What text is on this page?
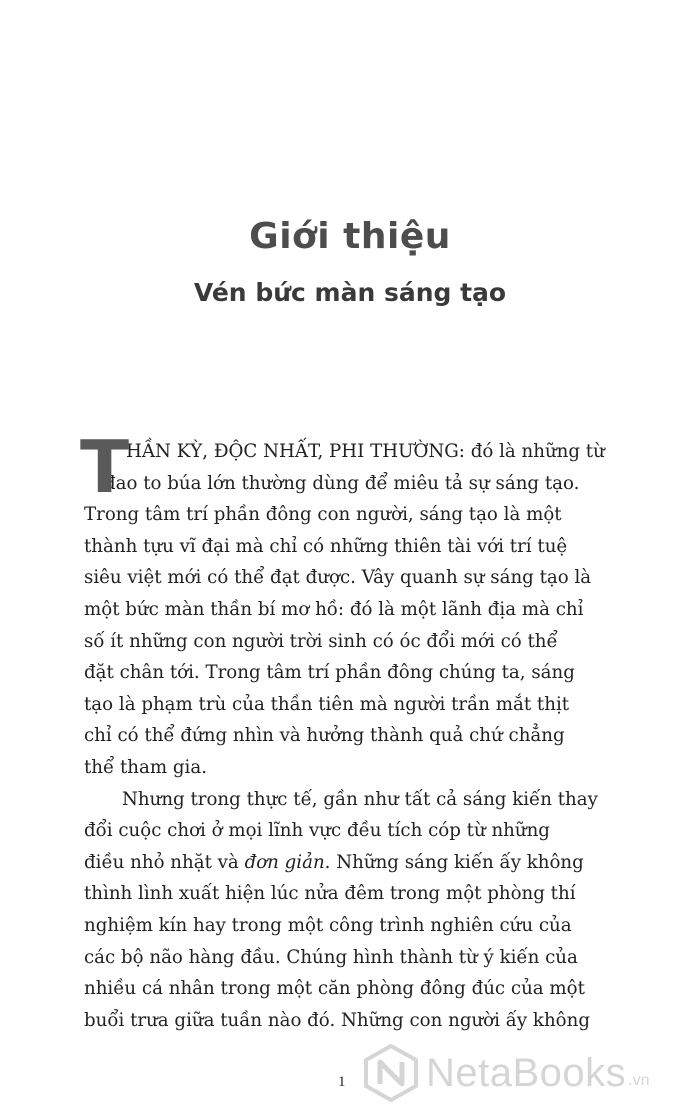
Giới thiệu
Vén bức màn sáng tạo
T
HẦN KỲ, ĐỘC NHẤT, PHI THƯỜNG: đó là những từ
đao to búa lớn thường dùng để miêu tả sự sáng tạo.
Trong tâm trí phần đông con người, sáng tạo là một
thành tựu vĩ đại mà chỉ có những thiên tài với trí tuệ
siêu việt mới có thể đạt được. Vây quanh sự sáng tạo là
một bức màn thần bí mơ hồ: đó là một lãnh địa mà chỉ
số ít những con người trời sinh có óc đổi mới có thể
đặt chân tới. Trong tâm trí phần đông chúng ta, sáng
tạo là phạm trù của thần tiên mà người trần mắt thịt
chỉ có thể đứng nhìn và hưởng thành quả chứ chẳng
thể tham gia.
Nhưng trong thực tế, gần như tất cả sáng kiến thay
đổi cuộc chơi ở mọi lĩnh vực đều tích cóp từ những
điều nhỏ nhặt và đơn giản. Những sáng kiến ấy không
thình lình xuất hiện lúc nửa đêm trong một phòng thí
nghiệm kín hay trong một công trình nghiên cứu của
các bộ não hàng đầu. Chúng hình thành từ ý kiến của
nhiều cá nhân trong một căn phòng đông đúc của một
buổi trưa giữa tuần nào đó. Những con người ấy không
1 NetaBooks .vn
